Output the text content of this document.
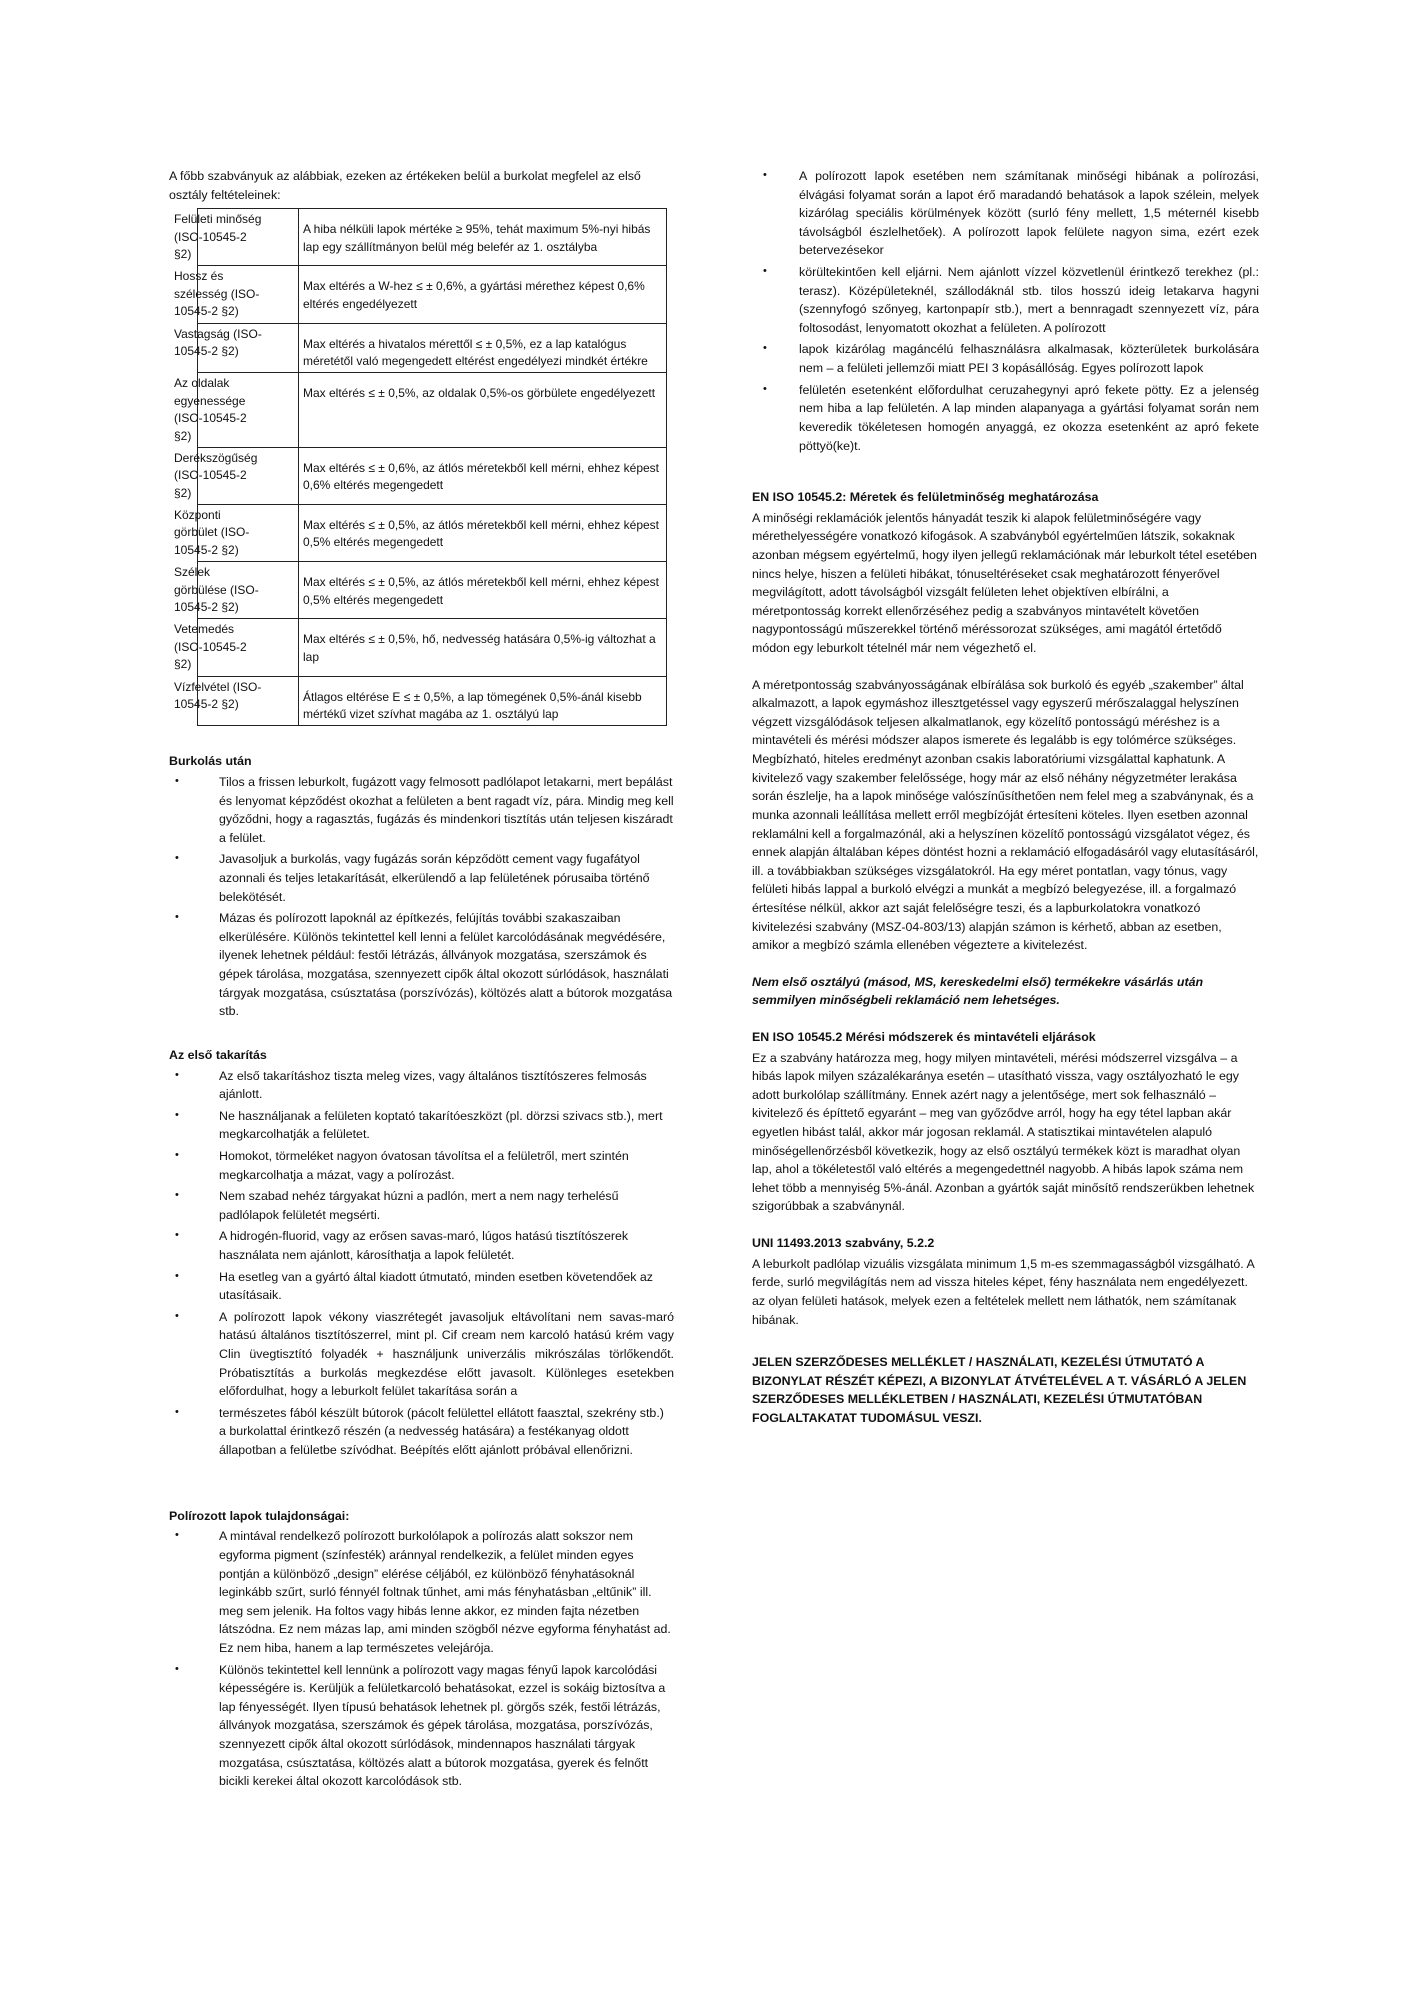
A főbb szabványuk az alábbiak, ezeken az értékeken belül a burkolat megfelel az első osztály feltételeinek:

Felületi minőség (ISO-10545-2 §2)	A hiba nélküli lapok mértéke ≥ 95%, tehát maximum 5%-nyi hibás lap egy szállítmányon belül még belefér az 1. osztályba

Hossz és szélesség (ISO-10545-2 §2)	Max eltérés a W-hez ≤ ± 0,6%, a gyártási mérethez képest 0,6% eltérés engedélyezett

Vastagság (ISO-10545-2 §2)	Max eltérés a hivatalos mérettől ≤ ± 0,5%, ez a lap katalógus méretétől való megengedett eltérést engedélyezi mindkét értékre

Az oldalak egyenessége (ISO-10545-2 §2)	Max eltérés ≤ ± 0,5%, az oldalak 0,5%-os görbülete engedélyezett

Derékszögűség (ISO-10545-2 §2)	Max eltérés ≤ ± 0,6%, az átlós méretekből kell mérni, ehhez képest 0,6% eltérés megengedett

Központi görbület (ISO-10545-2 §2)	Max eltérés ≤ ± 0,5%, az átlós méretekből kell mérni, ehhez képest 0,5% eltérés megengedett

Szélek görbülése (ISO-10545-2 §2)	Max eltérés ≤ ± 0,5%, az átlós méretekből kell mérni, ehhez képest 0,5% eltérés megengedett

Vetemedés (ISO-10545-2 §2)	Max eltérés ≤ ± 0,5%, hő, nedvesség hatására 0,5%-ig változhat a lap

Vízfelvétel (ISO-10545-2 §2)	Átlagos eltérése E ≤ ± 0,5%, a lap tömegének 0,5%-ánál kisebb mértékű vizet szívhat magába az 1. osztályú lap

Burkolás után

• Tilos a frissen leburkolt, fugázott vagy felmosott padlólapot letakarni, mert bepálást és lenyomat képződést okozhat a felületen a bent ragadt víz, pára. Mindig meg kell győződni, hogy a ragasztás, fugázás és mindenkori tisztítás után teljesen kiszáradt a felület.
• Javasoljuk a burkolás, vagy fugázás során képződött cement vagy fugafátyol azonnali és teljes letakarítását, elkerülendő a lap felületének pórusaiba történő belekötését.
• Mázas és polírozott lapoknál az építkezés, felújítás további szakaszaiban elkerülésére. Különös tekintettel kell lenni a felület karcolódásának megvédésére, ilyenek lehetnek például: festői létrázás, állványok mozgatása, szerszámok és gépek tárolása, mozgatása, szennyezett cipők által okozott súrlódások, használati tárgyak mozgatása, csúsztatása (porszívózás), költözés alatt a bútorok mozgatása stb.

Az első takarítás

• Az első takarításhoz tiszta meleg vizes, vagy általános tisztítószeres felmosás ajánlott.
• Ne használjanak a felületen koptató takarítóeszközt (pl. dörzsi szivacs stb.), mert megkarcolhatják a felületet.
• Homokot, törmeléket nagyon óvatosan távolítsa el a felületről, mert szintén megkarcolhatja a mázat, vagy a polírozást.
• Nem szabad nehéz tárgyakat húzni a padlón, mert a nem nagy terhelésű padlólapok felületét megsérti.
• A hidrogén-fluorid, vagy az erősen savas-maró, lúgos hatású tisztítószerek használata nem ajánlott, károsíthatja a lapok felületét.
• Ha esetleg van a gyártó által kiadott útmutató, minden esetben követendőek az utasításaik.
• A polírozott lapok vékony viaszrétegét javasoljuk eltávolítani nem savas-maró hatású általános tisztítószerrel, mint pl. Cif cream nem karcoló hatású krém vagy Clin üvegtisztító folyadék + használjunk univerzális mikrószálas törlőkendőt. Próbatisztítás a burkolás megkezdése előtt javasolt. Különleges esetekben előfordulhat, hogy a leburkolt felület takarítása során a
• természetes fából készült bútorok (pácolt felülettel ellátott faasztal, szekrény stb.) a burkolattal érintkező részén (a nedvesség hatására) a festékanyag oldott állapotban a felületbe szívódhat. Beépítés előtt ajánlott próbával ellenőrizni.

Polírozott lapok tulajdonságai:

• A mintával rendelkező polírozott burkolólapok a polírozás alatt sokszor nem egyforma pigment (színfesték) aránnyal rendelkezik, a felület minden egyes pontján a különböző „design” elérése céljából, ez különböző fényhatásoknál leginkább szűrt, surló fénnyél foltnak tűnhet, ami más fényhatásban „eltűnik” ill. meg sem jelenik. Ha foltos vagy hibás lenne akkor, ez minden fajta nézetben látszódna. Ez nem mázas lap, ami minden szögből nézve egyforma fényhatást ad. Ez nem hiba, hanem a lap természetes velejárója.
• Különös tekintettel kell lennünk a polírozott vagy magas fényű lapok karcolódási képességére is. Kerüljük a felületkarcoló behatásokat, ezzel is sokáig biztosítva a lap fényességét. Ilyen típusú behatások lehetnek pl. görgős szék, festői létrázás, állványok mozgatása, szerszámok és gépek tárolása, mozgatása, porszívózás, szennyezett cipők által okozott súrlódások, mindennapos használati tárgyak mozgatása, csúsztatása, költözés alatt a bútorok mozgatása, gyerek és felnőtt bicikli kerekei által okozott karcolódások stb.
• A polírozott lapok esetében nem számítanak minőségi hibának a polírozási, élvágási folyamat során a lapot érő maradandó behatások a lapok szélein, melyek kizárólag speciális körülmények között (surló fény mellett, 1,5 méternél kisebb távolságból észlelhetőek). A polírozott lapok felülete nagyon sima, ezért ezek betervezésekor
• körültekintően kell eljárni. Nem ajánlott vízzel közvetlenül érintkező terekhez (pl.: terasz). Középületeknél, szállodáknál stb. tilos hosszú ideig letakarva hagyni (szennyfogó szőnyeg, kartonpapír stb.), mert a bennragadt szennyezett víz, pára foltosodást, lenyomatott okozhat a felületen. A polírozott
• lapok kizárólag magáncélú felhasználásra alkalmasak, közterületek burkolására nem – a felületi jellemzői miatt PEI 3 kopásállóság. Egyes polírozott lapok
• felületén esetenként előfordulhat ceruzahegynyi apró fekete pötty. Ez a jelenség nem hiba a lap felületén. A lap minden alapanyaga a gyártási folyamat során nem keveredik tökéletesen homogén anyaggá, ez okozza esetenként az apró fekete pöttyö(ke)t.

EN ISO 10545.2: Méretek és felületminőség meghatározása

A minőségi reklamációk jelentős hányadát teszik ki alapok felületminőségére vagy mérethelyességére vonatkozó kifogások. A szabványból egyértelműen látszik, sokaknak azonban mégsem egyértelmű, hogy ilyen jellegű reklamációnak már leburkolt tétel esetében nincs helye, hiszen a felületi hibákat, tónuseltéréseket csak meghatározott fényerővel megvilágított, adott távolságból vizsgált felületen lehet objektíven elbírálni, a méretpontosság korrekt ellenőrzéséhez pedig a szabványos mintavételt követően nagypontosságú műszerekkel történő méréssorozat szükséges, ami magától értetődő módon egy leburkolt tételnél már nem végezhető el.

A méretpontosság szabványosságának elbírálása sok burkoló és egyéb „szakember” által alkalmazott, a lapok egymáshoz illesztgetéssel vagy egyszerű mérőszalaggal helyszínen végzett vizsgálódások teljesen alkalmatlanok, egy közelítő pontosságú méréshez is a mintavételi és mérési módszer alapos ismerete és legalább is egy tolómérce szükséges. Megbízható, hiteles eredményt azonban csakis laboratóriumi vizsgálattal kaphatunk. A kivitelező vagy szakember felelőssége, hogy már az első néhány négyzetméter lerakása során észlelje, ha a lapok minősége valószínűsíthetően nem felel meg a szabványnak, és a munka azonnali leállítása mellett erről megbízóját értesíteni köteles. Ilyen esetben azonnal reklamálni kell a forgalmazónál, aki a helyszínen közelítő pontosságú vizsgálatot végez, és ennek alapján általában képes döntést hozni a reklamáció elfogadásáról vagy elutasításáról, ill. a továbbiakban szükséges vizsgálatokról. Ha egy méret pontatlan, vagy tónus, vagy felületi hibás lappal a burkoló elvégzi a munkát a megbízó belegyezése, ill. a forgalmazó értesítése nélkül, akkor azt saját felelőségre teszi, és a lapburkolatokra vonatkozó kivitelezési szabvány (MSZ-04-803/13) alapján számon is kérhető, abban az esetben, amikor a megbízó számla ellenében végezteте a kivitelezést.

Nem első osztályú (másod, MS, kereskedelmi első) termékekre vásárlás után semmilyen minőségbeli reklamáció nem lehetséges.

EN ISO 10545.2 Mérési módszerek és mintavételi eljárások

Ez a szabvány határozza meg, hogy milyen mintavételi, mérési módszerrel vizsgálva – a hibás lapok milyen százalékaránya esetén – utasítható vissza, vagy osztályozható le egy adott burkolólap szállítmány. Ennek azért nagy a jelentősége, mert sok felhasználó – kivitelező és építtető egyaránt – meg van győződve arról, hogy ha egy tétel lapban akár egyetlen hibást talál, akkor már jogosan reklamál. A statisztikai mintavételen alapuló minőségellenőrzésből következik, hogy az első osztályú termékek közt is maradhat olyan lap, ahol a tökéletestől való eltérés a megengedettnél nagyobb. A hibás lapok száma nem lehet több a mennyiség 5%-ánál. Azonban a gyártók saját minősítő rendszerükben lehetnek szigorúbbak a szabványnál.

UNI 11493.2013 szabvány, 5.2.2

A leburkolt padlólap vizuális vizsgálata minimum 1,5 m-es szemmagasságból vizsgálható. A ferde, surló megvilágítás nem ad vissza hiteles képet, fény használata nem engedélyezett. az olyan felületi hatások, melyek ezen a feltételek mellett nem láthatók, nem számítanak hibának.

JELEN SZERZŐDESES MELLÉKLET / HASZNÁLATI, KEZELÉSI ÚTMUTATÓ A BIZONYLAT RÉSZÉT KÉPEZI, A BIZONYLAT ÁTVÉTELÉVEL A T. VÁSÁRLÓ A JELEN SZERZŐDESES MELLÉKLETBEN / HASZNÁLATI, KEZELÉSI ÚTMUTATÓBAN FOGLALTAKATAT TUDOMÁSUL VESZI.
